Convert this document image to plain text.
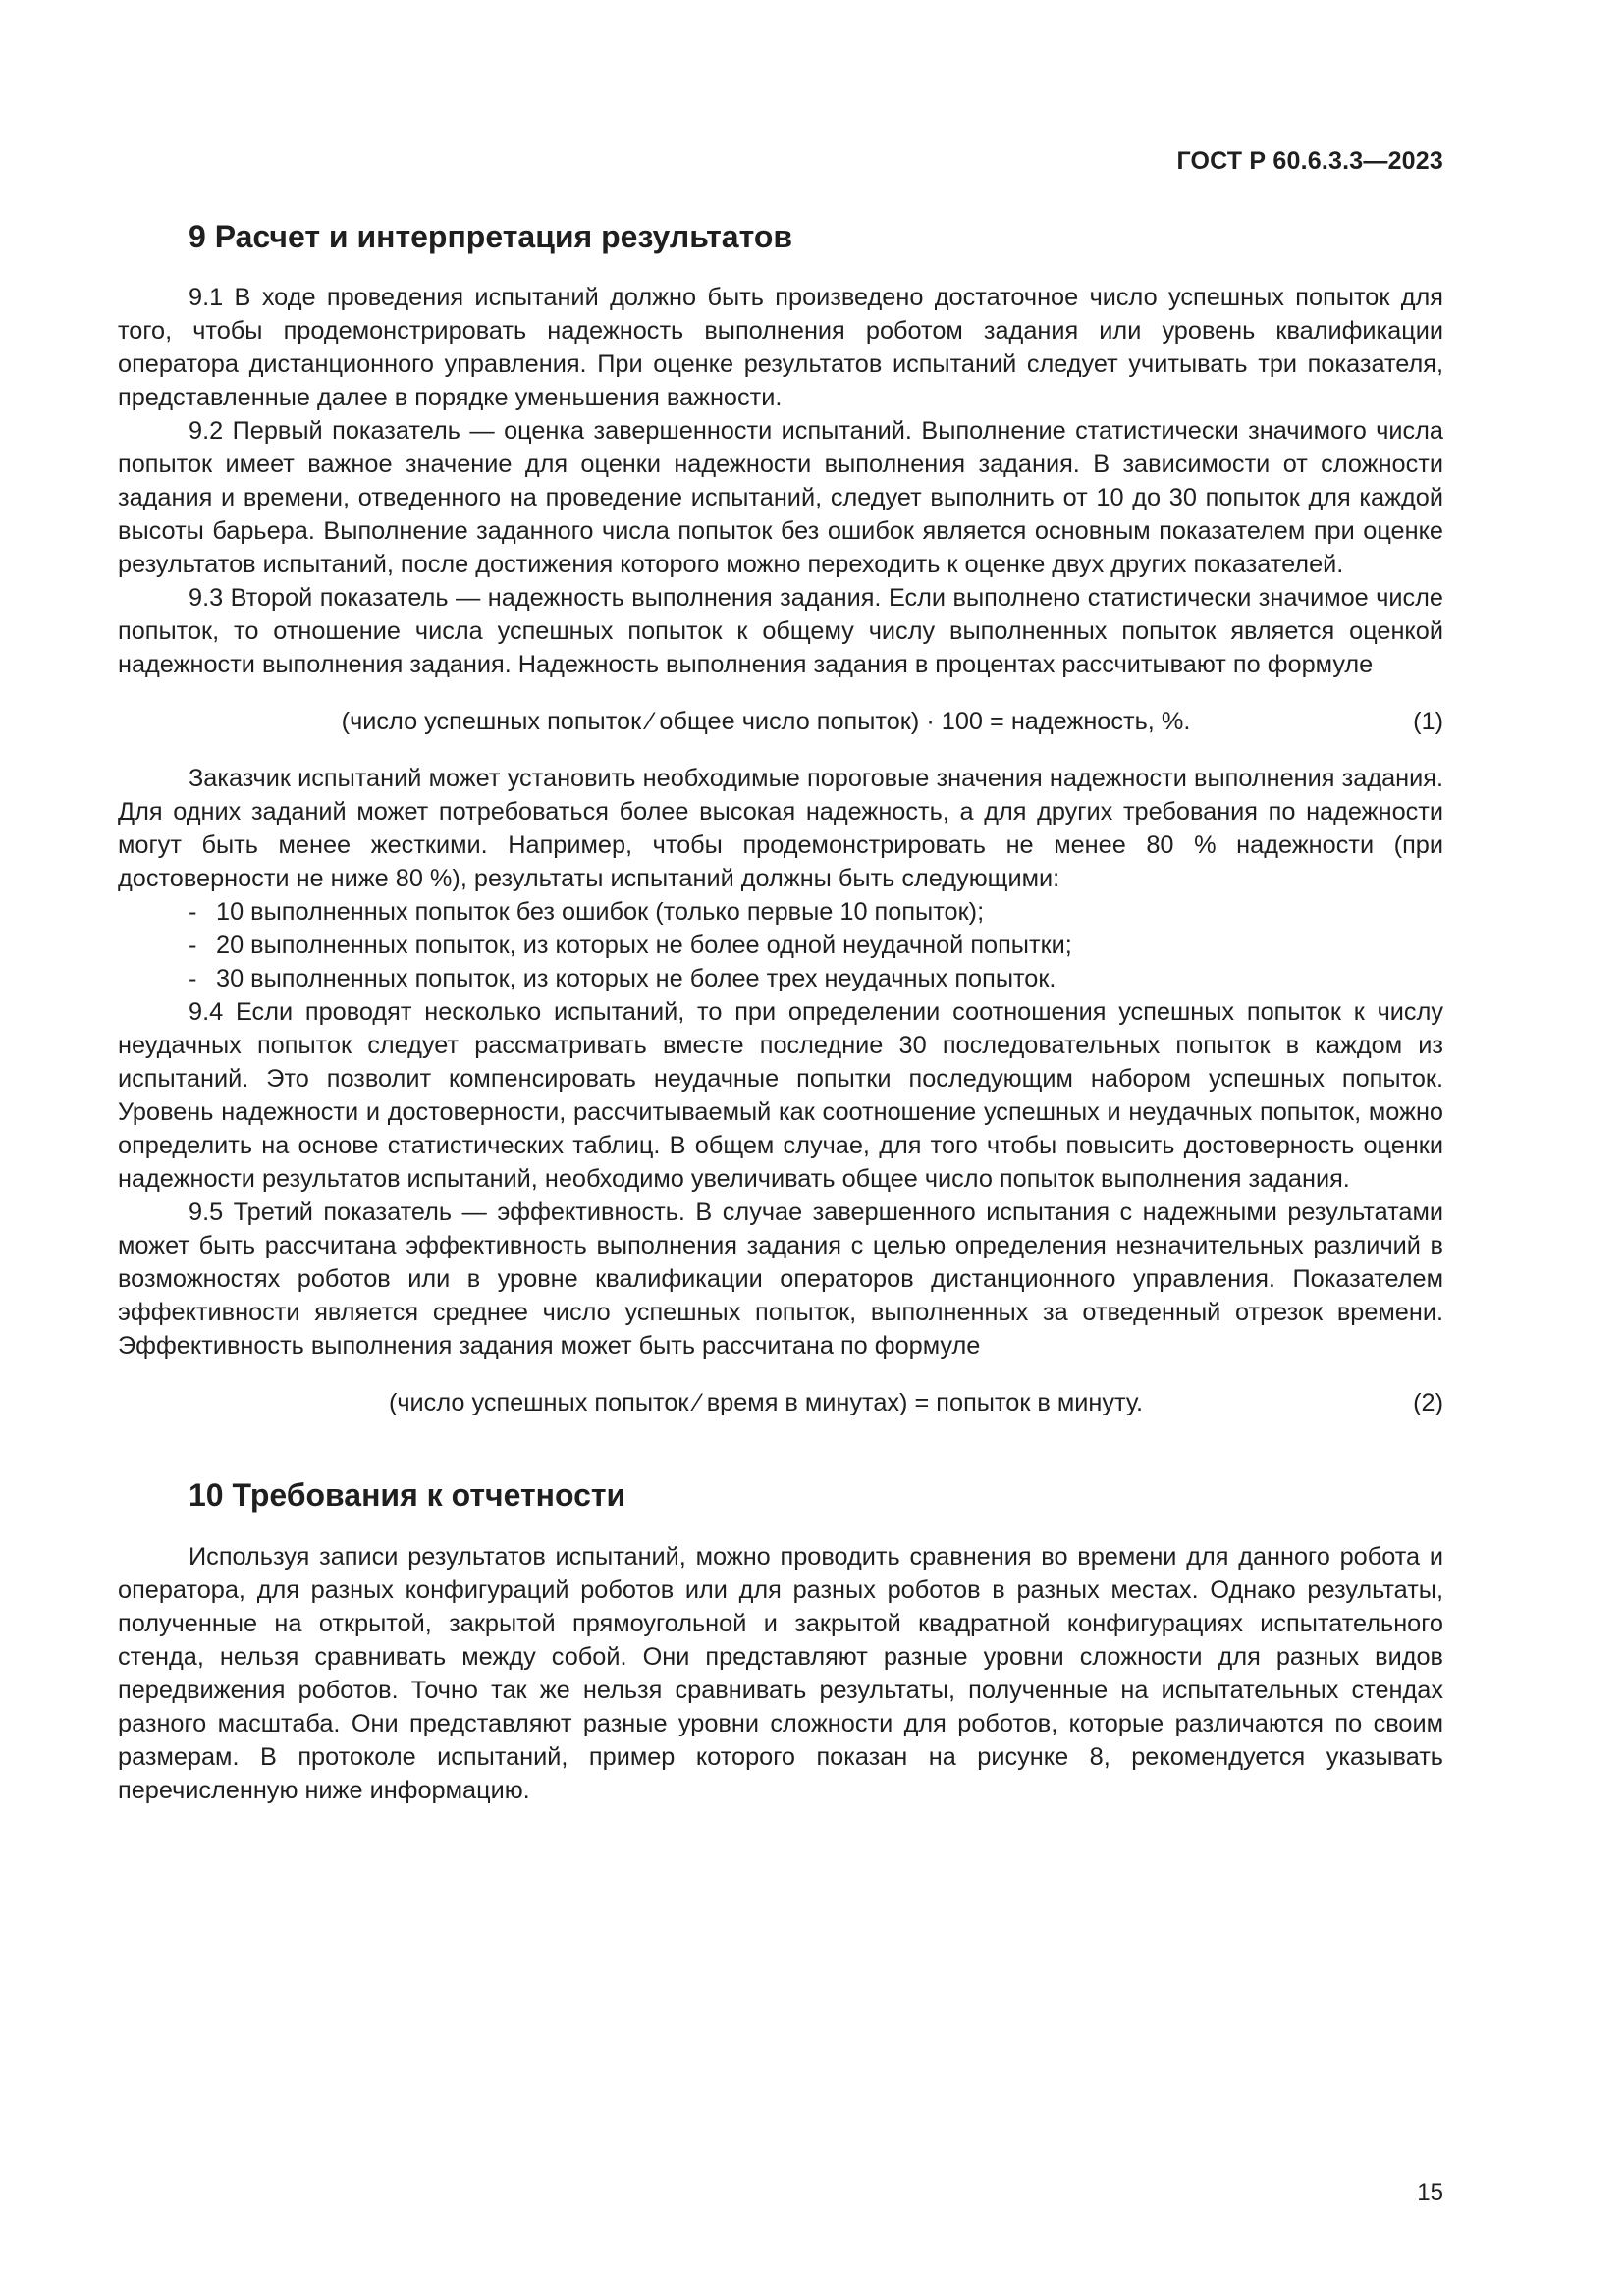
ГОСТ Р 60.6.3.3—2023
9 Расчет и интерпретация результатов

9.1 В ходе проведения испытаний должно быть произведено достаточное число успешных попыток для того, чтобы продемонстрировать надежность выполнения роботом задания или уровень квалификации оператора дистанционного управления. При оценке результатов испытаний следует учитывать три показателя, представленные далее в порядке уменьшения важности.

9.2 Первый показатель — оценка завершенности испытаний. Выполнение статистически значимого числа попыток имеет важное значение для оценки надежности выполнения задания. В зависимости от сложности задания и времени, отведенного на проведение испытаний, следует выполнить от 10 до 30 попыток для каждой высоты барьера. Выполнение заданного числа попыток без ошибок является основным показателем при оценке результатов испытаний, после достижения которого можно переходить к оценке двух других показателей.

9.3 Второй показатель — надежность выполнения задания. Если выполнено статистически значимое числе попыток, то отношение числа успешных попыток к общему числу выполненных попыток является оценкой надежности выполнения задания. Надежность выполнения задания в процентах рассчитывают по формуле

(число успешных попыток ⁄ общее число попыток) · 100 = надежность, %.	(1)

Заказчик испытаний может установить необходимые пороговые значения надежности выполнения задания. Для одних заданий может потребоваться более высокая надежность, а для других требования по надежности могут быть менее жесткими. Например, чтобы продемонстрировать не менее 80 % надежности (при достоверности не ниже 80 %), результаты испытаний должны быть следующими:

- 10 выполненных попыток без ошибок (только первые 10 попыток);
- 20 выполненных попыток, из которых не более одной неудачной попытки;
- 30 выполненных попыток, из которых не более трех неудачных попыток.

9.4 Если проводят несколько испытаний, то при определении соотношения успешных попыток к числу неудачных попыток следует рассматривать вместе последние 30 последовательных попыток в каждом из испытаний. Это позволит компенсировать неудачные попытки последующим набором успешных попыток. Уровень надежности и достоверности, рассчитываемый как соотношение успешных и неудачных попыток, можно определить на основе статистических таблиц. В общем случае, для того чтобы повысить достоверность оценки надежности результатов испытаний, необходимо увеличивать общее число попыток выполнения задания.

9.5 Третий показатель — эффективность. В случае завершенного испытания с надежными результатами может быть рассчитана эффективность выполнения задания с целью определения незначительных различий в возможностях роботов или в уровне квалификации операторов дистанционного управления. Показателем эффективности является среднее число успешных попыток, выполненных за отведенный отрезок времени. Эффективность выполнения задания может быть рассчитана по формуле

(число успешных попыток ⁄ время в минутах) = попыток в минуту.	(2)
10 Требования к отчетности

Используя записи результатов испытаний, можно проводить сравнения во времени для данного робота и оператора, для разных конфигураций роботов или для разных роботов в разных местах. Однако результаты, полученные на открытой, закрытой прямоугольной и закрытой квадратной конфигурациях испытательного стенда, нельзя сравнивать между собой. Они представляют разные уровни сложности для разных видов передвижения роботов. Точно так же нельзя сравнивать результаты, полученные на испытательных стендах разного масштаба. Они представляют разные уровни сложности для роботов, которые различаются по своим размерам. В протоколе испытаний, пример которого показан на рисунке 8, рекомендуется указывать перечисленную ниже информацию.

15
